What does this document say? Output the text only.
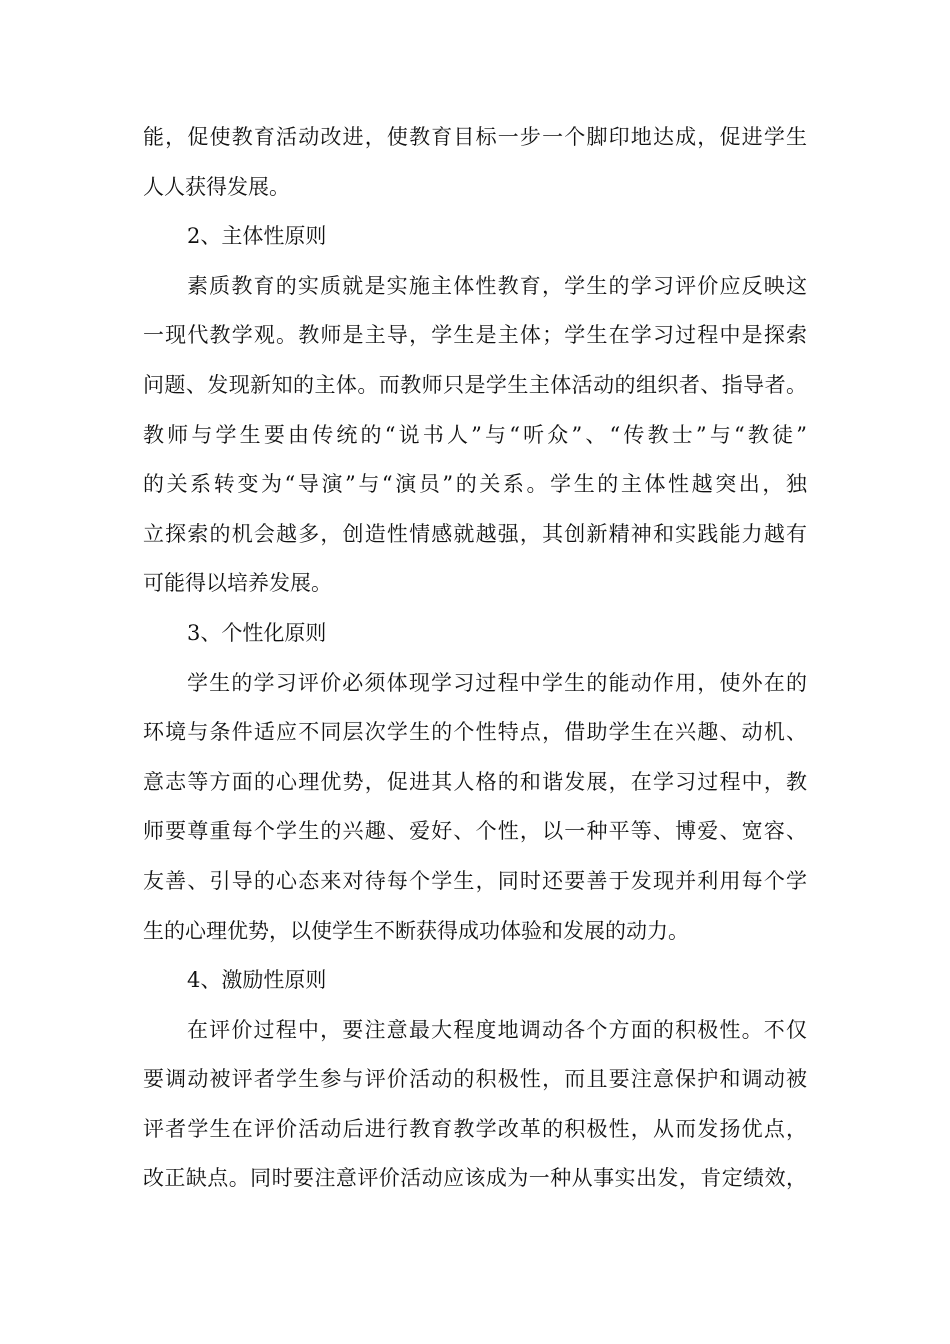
能，促使教育活动改进，使教育目标一步一个脚印地达成，促进学生
人人获得发展。
2、主体性原则
素质教育的实质就是实施主体性教育，学生的学习评价应反映这
一现代教学观。教师是主导，学生是主体；学生在学习过程中是探索
问题、发现新知的主体。而教师只是学生主体活动的组织者、指导者。
教师与学生要由传统的“说书人”与“听众”、“传教士”与“教徒”
的关系转变为“导演”与“演员”的关系。学生的主体性越突出，独
立探索的机会越多，创造性情感就越强，其创新精神和实践能力越有
可能得以培养发展。
3、个性化原则
学生的学习评价必须体现学习过程中学生的能动作用，使外在的
环境与条件适应不同层次学生的个性特点，借助学生在兴趣、动机、
意志等方面的心理优势，促进其人格的和谐发展，在学习过程中，教
师要尊重每个学生的兴趣、爱好、个性，以一种平等、博爱、宽容、
友善、引导的心态来对待每个学生，同时还要善于发现并利用每个学
生的心理优势，以使学生不断获得成功体验和发展的动力。
4、激励性原则
在评价过程中，要注意最大程度地调动各个方面的积极性。不仅
要调动被评者学生参与评价活动的积极性，而且要注意保护和调动被
评者学生在评价活动后进行教育教学改革的积极性，从而发扬优点，
改正缺点。同时要注意评价活动应该成为一种从事实出发，肯定绩效，
